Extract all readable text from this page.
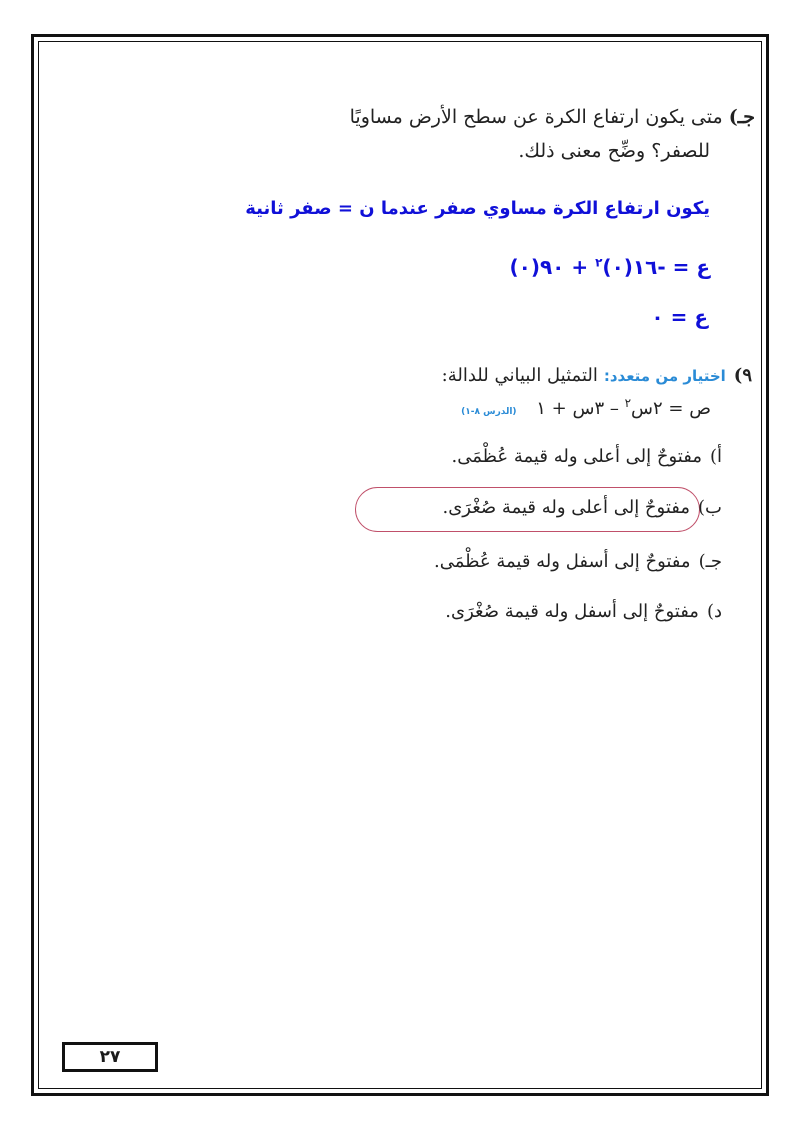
جـ)متى يكون ارتفاع الكرة عن سطح الأرض مساويًا
للصفر؟ وضِّح معنى ذلك.
يكون ارتفاع الكرة مساوي صفر عندما ن = صفر ثانية
ع = -١٦(٠)$^٢$ + ٩٠(٠)
ع = ٠
٩)اختيار من متعدد:التمثيل البياني للدالة:
ص = ٢س$^٢$ – ٣س + ١ (الدرس ٨-١)
أ)مفتوحٌ إلى أعلى وله قيمة عُظْمَى.
ب)مفتوحٌ إلى أعلى وله قيمة صُغْرَى.
جـ)مفتوحٌ إلى أسفل وله قيمة عُظْمَى.
د)مفتوحٌ إلى أسفل وله قيمة صُغْرَى.
٢٧
